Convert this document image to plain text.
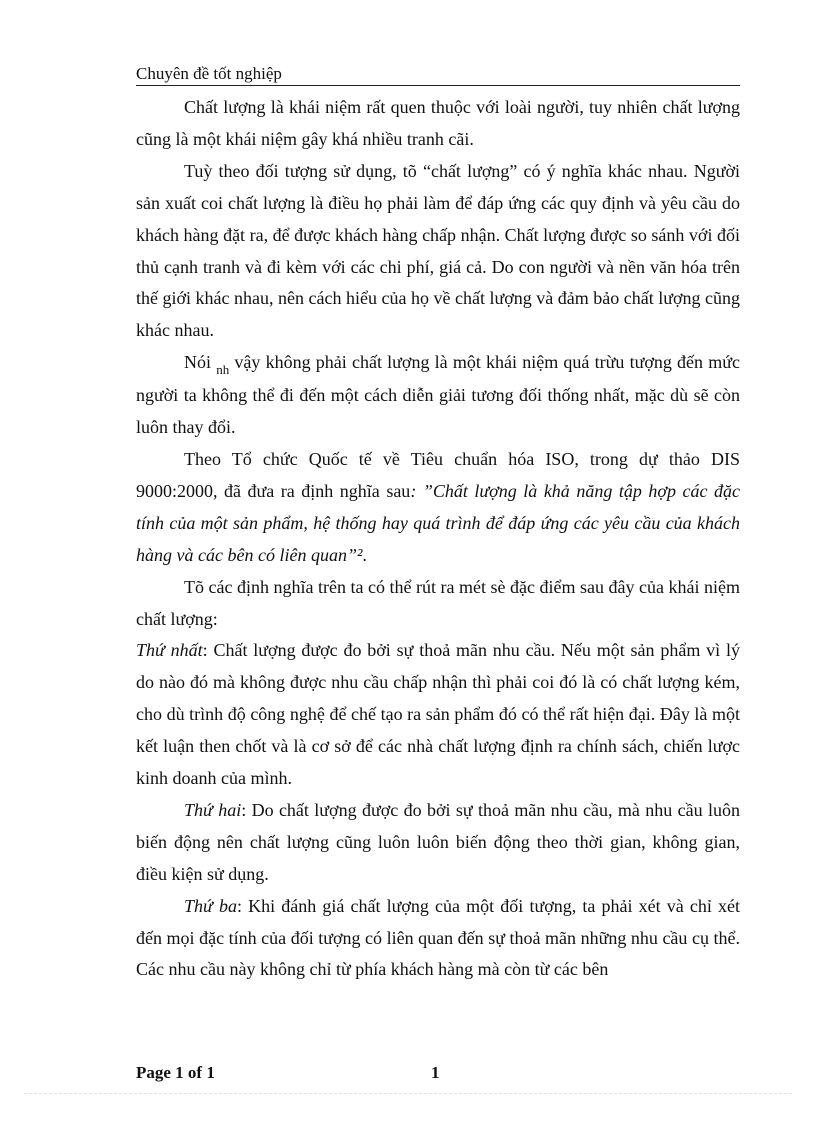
Chuyên đề tốt nghiệp

Chất lượng là khái niệm rất quen thuộc với loài người, tuy nhiên chất lượng cũng là một khái niệm gây khá nhiều tranh cãi.

Tuỳ theo đối tượng sử dụng, tõ “chất lượng” có ý nghĩa khác nhau. Người sản xuất coi chất lượng là điều họ phải làm để đáp ứng các quy định và yêu cầu do khách hàng đặt ra, để được khách hàng chấp nhận. Chất lượng được so sánh với đối thủ cạnh tranh và đi kèm với các chi phí, giá cả. Do con người và nền văn hóa trên thế giới khác nhau, nên cách hiểu của họ về chất lượng và đảm bảo chất lượng cũng khác nhau.

Nói $_{nh}$ vậy không phải chất lượng là một khái niệm quá trừu tượng đến mức người ta không thể đi đến một cách diễn giải tương đối thống nhất, mặc dù sẽ còn luôn thay đổi.

Theo Tổ chức Quốc tế về Tiêu chuẩn hóa ISO, trong dự thảo DIS 9000:2000, đã đưa ra định nghĩa sau: ”Chất lượng là khả năng tập hợp các đặc tính của một sản phẩm, hệ thống hay quá trình để đáp ứng các yêu cầu của khách hàng và các bên có liên quan”².

Tõ các định nghĩa trên ta có thể rút ra mét sè đặc điểm sau đây của khái niệm chất lượng:

Thứ nhất: Chất lượng được đo bởi sự thoả mãn nhu cầu. Nếu một sản phẩm vì lý do nào đó mà không được nhu cầu chấp nhận thì phải coi đó là có chất lượng kém, cho dù trình độ công nghệ để chế tạo ra sản phẩm đó có thể rất hiện đại. Đây là một kết luận then chốt và là cơ sở để các nhà chất lượng định ra chính sách, chiến lược kinh doanh của mình.

Thứ hai: Do chất lượng được đo bởi sự thoả mãn nhu cầu, mà nhu cầu luôn biến động nên chất lượng cũng luôn luôn biến động theo thời gian, không gian, điều kiện sử dụng.

Thứ ba: Khi đánh giá chất lượng của một đối tượng, ta phải xét và chỉ xét đến mọi đặc tính của đối tượng có liên quan đến sự thoả mãn những nhu cầu cụ thể. Các nhu cầu này không chỉ từ phía khách hàng mà còn từ các bên

Page 1 of 1	1
